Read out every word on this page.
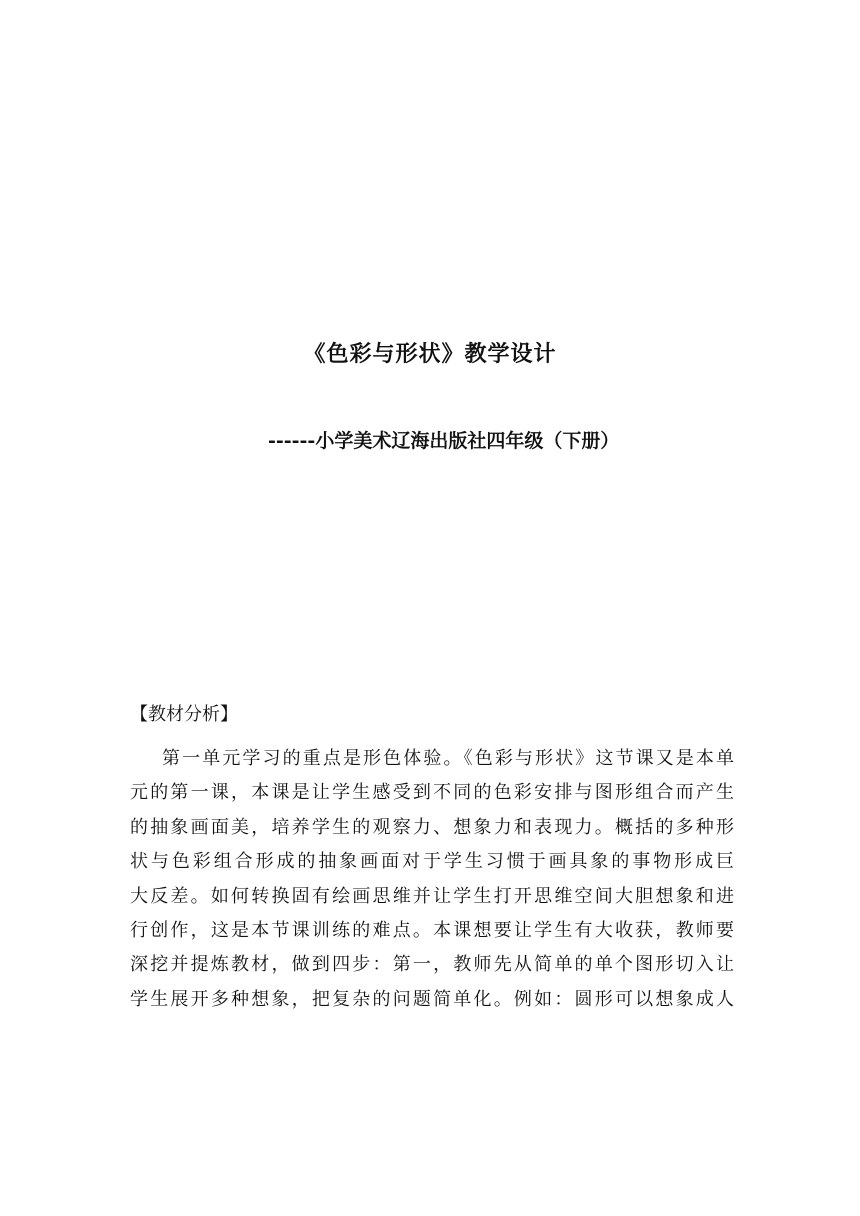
《色彩与形状》教学设计
------小学美术辽海出版社四年级（下册）

【教材分析】

第一单元学习的重点是形色体验。《色彩与形状》这节课又是本单
元的第一课，本课是让学生感受到不同的色彩安排与图形组合而产生
的抽象画面美，培养学生的观察力、想象力和表现力。概括的多种形
状与色彩组合形成的抽象画面对于学生习惯于画具象的事物形成巨
大反差。如何转换固有绘画思维并让学生打开思维空间大胆想象和进
行创作，这是本节课训练的难点。本课想要让学生有大收获，教师要
深挖并提炼教材，做到四步：第一，教师先从简单的单个图形切入让
学生展开多种想象，把复杂的问题简单化。例如：圆形可以想象成人
